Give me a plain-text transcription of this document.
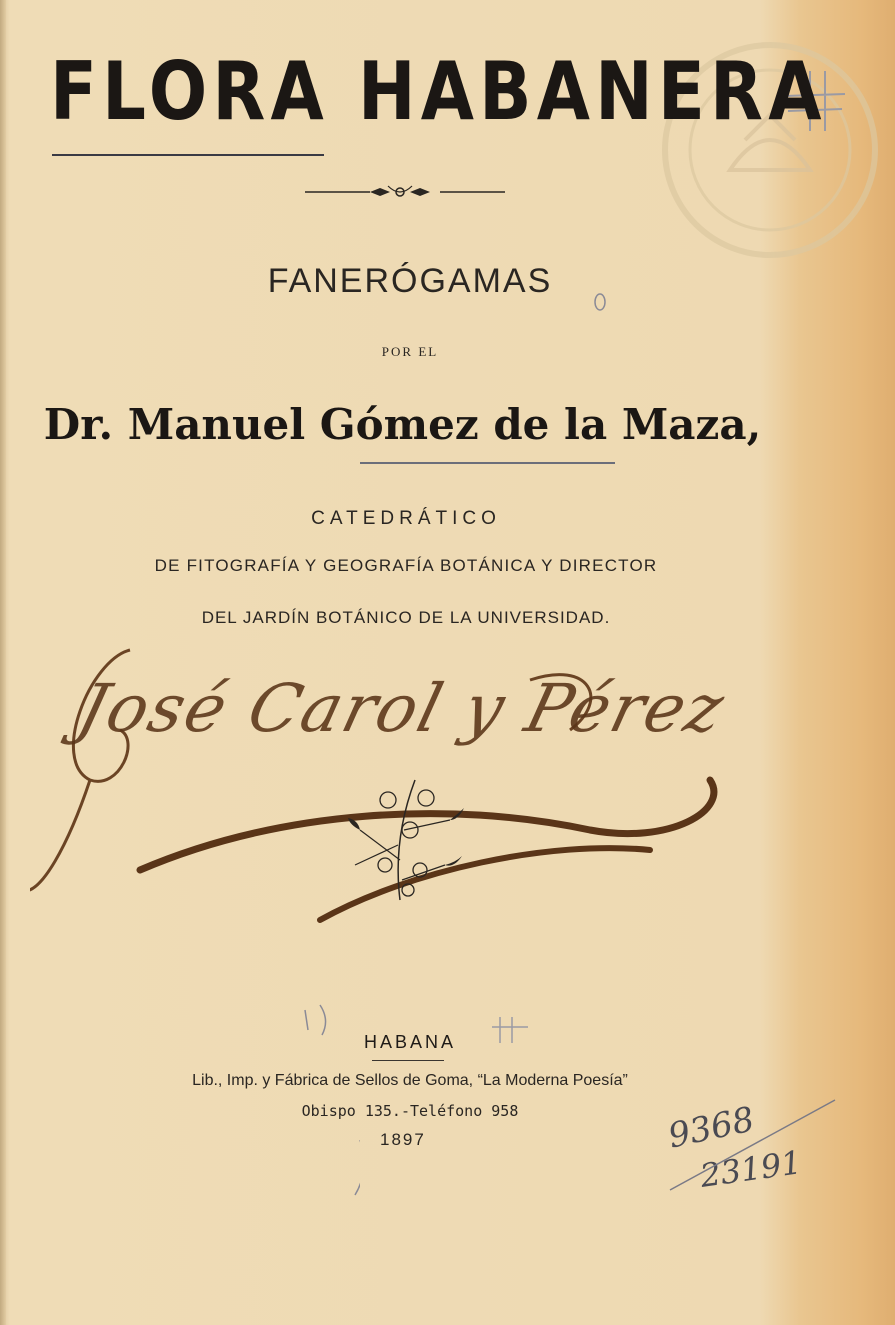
FLORA HABANERA
FANERÓGAMAS
POR EL
Dr. Manuel Gómez de la Maza,
CATEDRÁTICO
DE FITOGRAFÍA Y GEOGRAFÍA BOTÁNICA Y DIRECTOR
DEL JARDÍN BOTÁNICO DE LA UNIVERSIDAD.
José Carol y Pérez
HABANA
Lib., Imp. y Fábrica de Sellos de Goma, “La Moderna Poesía”
Obispo 135.-Teléfono 958
1897	9368
23191
